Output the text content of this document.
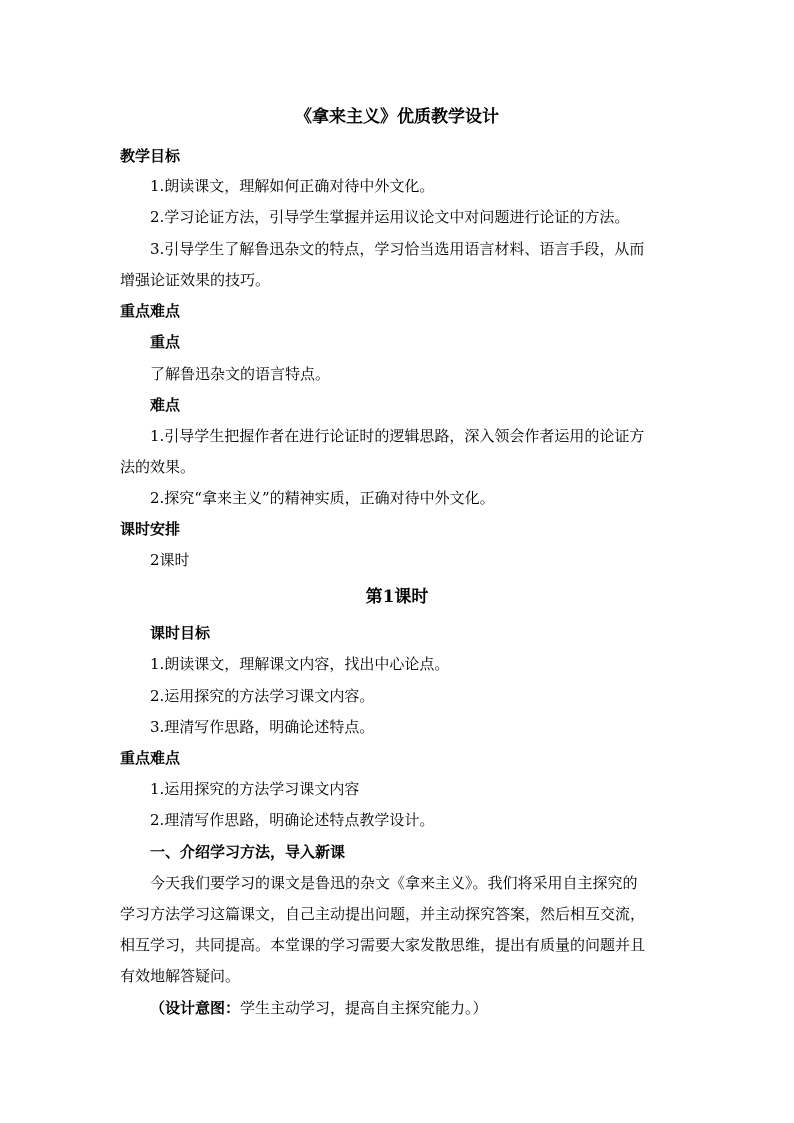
《拿来主义》优质教学设计
教学目标
1.朗读课文，理解如何正确对待中外文化。
2.学习论证方法，引导学生掌握并运用议论文中对问题进行论证的方法。
3.引导学生了解鲁迅杂文的特点，学习恰当选用语言材料、语言手段，从而
增强论证效果的技巧。
重点难点
重点
了解鲁迅杂文的语言特点。
难点
1.引导学生把握作者在进行论证时的逻辑思路，深入领会作者运用的论证方
法的效果。
2.探究“拿来主义”的精神实质，正确对待中外文化。
课时安排
2课时
第1课时
课时目标
1.朗读课文，理解课文内容，找出中心论点。
2.运用探究的方法学习课文内容。
3.理清写作思路，明确论述特点。
重点难点
1.运用探究的方法学习课文内容
2.理清写作思路，明确论述特点教学设计。
一、介绍学习方法，导入新课
今天我们要学习的课文是鲁迅的杂文《拿来主义》。我们将采用自主探究的
学习方法学习这篇课文，自己主动提出问题，并主动探究答案，然后相互交流，
相互学习，共同提高。本堂课的学习需要大家发散思维，提出有质量的问题并且
有效地解答疑问。
（设计意图：学生主动学习，提高自主探究能力。）
